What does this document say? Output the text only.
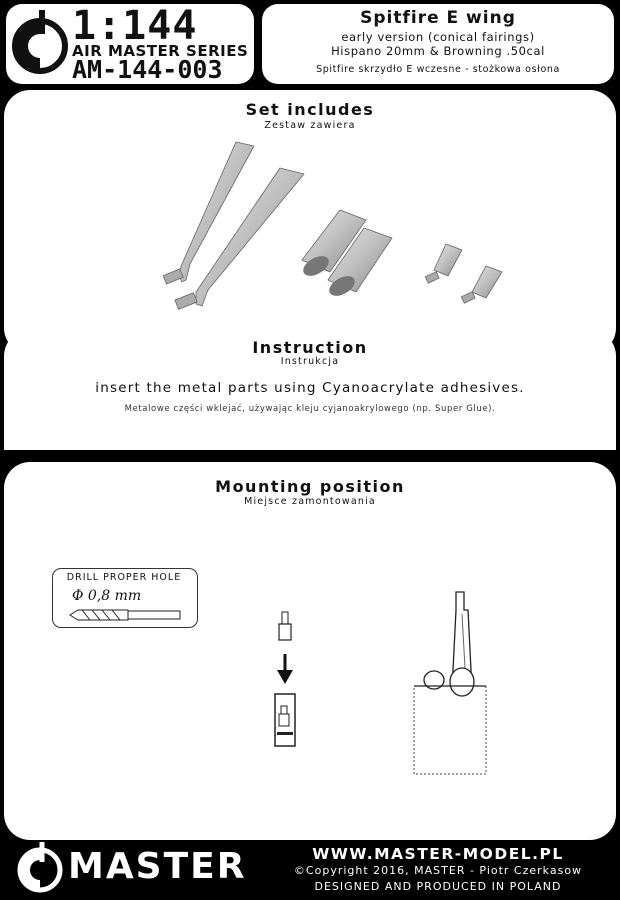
1:144
AIR MASTER SERIES
AM-144-003
Spitfire E wing
early version (conical fairings)
Hispano 20mm & Browning .50cal
Spitfire skrzydło E wczesne - stożkowa osłona
Set includes
Zestaw zawiera
Instruction
Instrukcja
insert the metal parts using Cyanoacrylate adhesives.
Metalowe części wklejać, używając kleju cyjanoakrylowego (np. Super Glue).
Mounting position
Miejsce zamontowania
DRILL PROPER HOLE
Φ 0,8 mm
MASTER	WWW.MASTER-MODEL.PL
©Copyright 2016, MASTER - Piotr Czerkasow
DESIGNED AND PRODUCED IN POLAND
